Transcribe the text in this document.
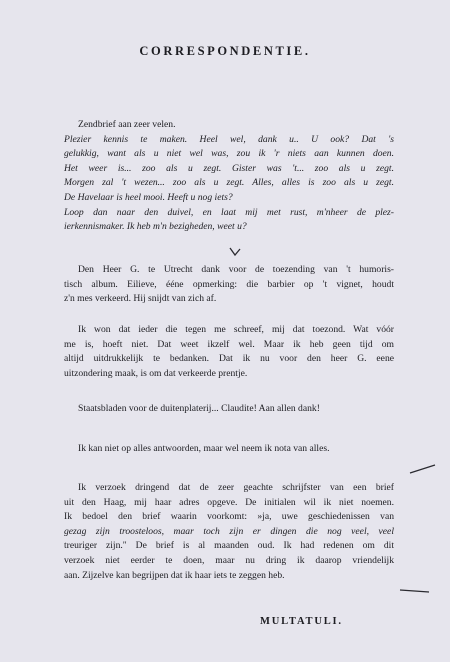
CORRESPONDENTIE.
Zendbrief aan zeer velen.
Plezier kennis te maken. Heel wel, dank u.. U ook? Dat 's
gelukkig, want als u niet wel was, zou ik 'r niets aan kunnen doen.
Het weer is... zoo als u zegt. Gister was 't... zoo als u zegt.
Morgen zal 't wezen... zoo als u zegt. Alles, alles is zoo als u zegt.
De Havelaar is heel mooi. Heeft u nog iets?
Loop dan naar den duivel, en laat mij met rust, m'nheer de plez-
ierkennismaker. Ik heb m'n bezigheden, weet u?
Den Heer G. te Utrecht dank voor de toezending van 't humoris-
tisch album. Eilieve, ééne opmerking: die barbier op 't vignet, houdt
z'n mes verkeerd. Hij snijdt van zich af.
Ik won dat ieder die tegen me schreef, mij dat toezond. Wat vóór
me is, hoeft niet. Dat weet ikzelf wel. Maar ik heb geen tijd om
altijd uitdrukkelijk te bedanken. Dat ik nu voor den heer G. eene
uitzondering maak, is om dat verkeerde prentje.
Staatsbladen voor de duitenplaterij... Claudite! Aan allen dank!
Ik kan niet op alles antwoorden, maar wel neem ik nota van alles.
Ik verzoek dringend dat de zeer geachte schrijfster van een brief
uit den Haag, mij haar adres opgeve. De initialen wil ik niet noemen.
Ik bedoel den brief waarin voorkomt: »ja, uwe geschiedenissen van
gezag zijn troosteloos, maar toch zijn er dingen die nog veel, veel
treuriger zijn." De brief is al maanden oud. Ik had redenen om dit
verzoek niet eerder te doen, maar nu dring ik daarop vriendelijk
aan. Zijzelve kan begrijpen dat ik haar iets te zeggen heb.
MULTATULI.
